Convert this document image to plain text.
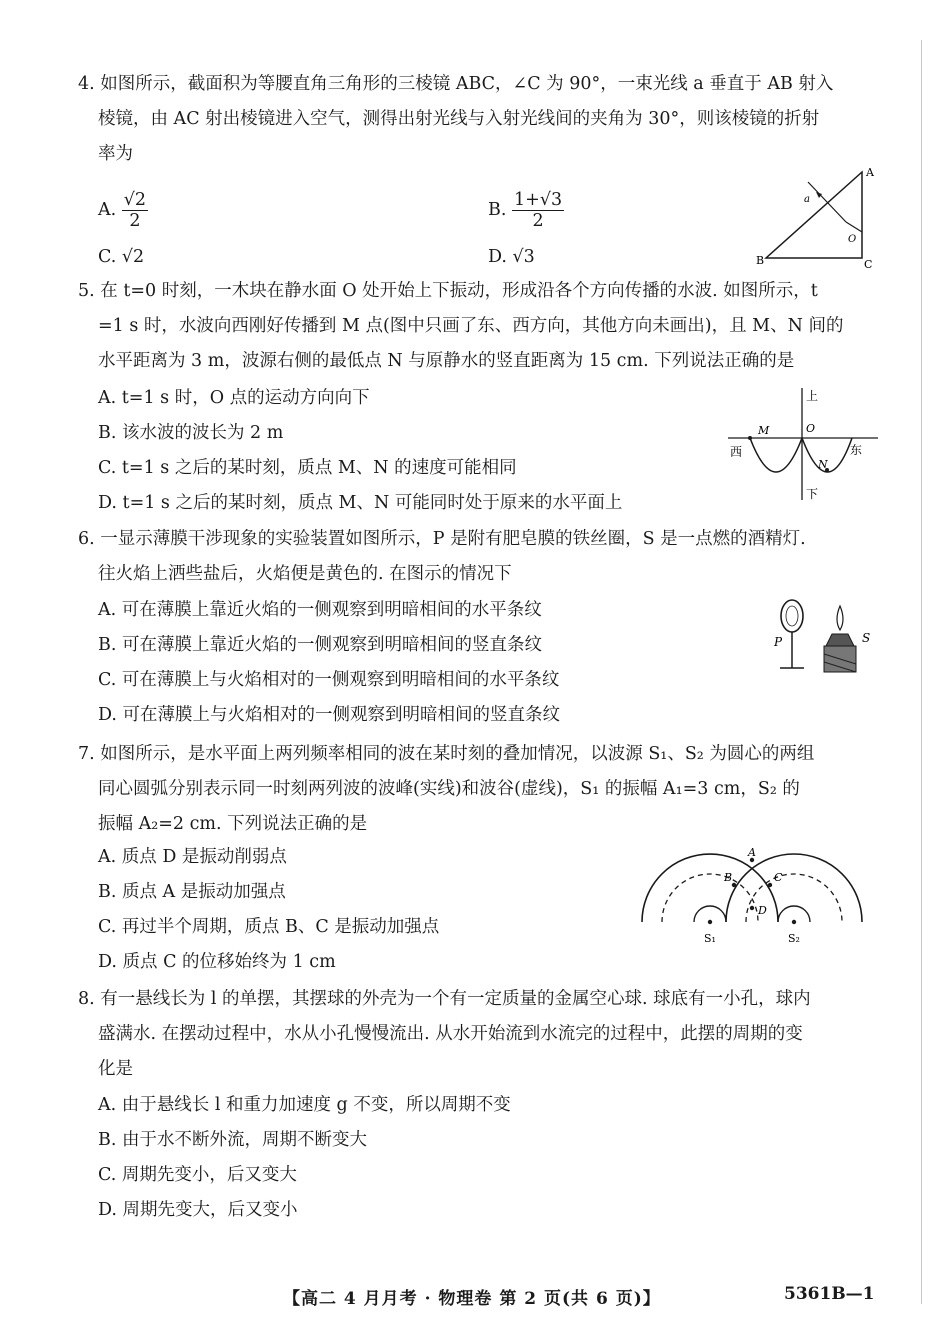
4. 如图所示，截面积为等腰直角三角形的三棱镜 ABC，∠C 为 90°，一束光线 a 垂直于 AB 射入
棱镜，由 AC 射出棱镜进入空气，测得出射光线与入射光线间的夹角为 30°，则该棱镜的折射
率为
A. $\frac{√2}{2}$	B. $\frac{1+√3}{2}$
C. √2	D. √3
A
B	C
a
O
5. 在 t=0 时刻，一木块在静水面 O 处开始上下振动，形成沿各个方向传播的水波. 如图所示，t
=1 s 时，水波向西刚好传播到 M 点(图中只画了东、西方向，其他方向未画出)，且 M、N 间的
水平距离为 3 m，波源右侧的最低点 N 与原静水的竖直距离为 15 cm. 下列说法正确的是
A. t=1 s 时，O 点的运动方向向下
B. 该水波的波长为 2 m
C. t=1 s 之后的某时刻，质点 M、N 的速度可能相同
D. t=1 s 之后的某时刻，质点 M、N 可能同时处于原来的水平面上
上
下
西	东
M	O
N
6. 一显示薄膜干涉现象的实验装置如图所示，P 是附有肥皂膜的铁丝圈，S 是一点燃的酒精灯.
往火焰上洒些盐后，火焰便是黄色的. 在图示的情况下
A. 可在薄膜上靠近火焰的一侧观察到明暗相间的水平条纹
B. 可在薄膜上靠近火焰的一侧观察到明暗相间的竖直条纹
C. 可在薄膜上与火焰相对的一侧观察到明暗相间的水平条纹
D. 可在薄膜上与火焰相对的一侧观察到明暗相间的竖直条纹
P	S
7. 如图所示，是水平面上两列频率相同的波在某时刻的叠加情况，以波源 S₁、S₂ 为圆心的两组
同心圆弧分别表示同一时刻两列波的波峰(实线)和波谷(虚线)，S₁ 的振幅 A₁=3 cm，S₂ 的
振幅 A₂=2 cm. 下列说法正确的是
A. 质点 D 是振动削弱点
B. 质点 A 是振动加强点
C. 再过半个周期，质点 B、C 是振动加强点
D. 质点 C 的位移始终为 1 cm
A
B	C
D
S₁	S₂
8. 有一悬线长为 l 的单摆，其摆球的外壳为一个有一定质量的金属空心球. 球底有一小孔，球内
盛满水. 在摆动过程中，水从小孔慢慢流出. 从水开始流到水流完的过程中，此摆的周期的变
化是
A. 由于悬线长 l 和重力加速度 g 不变，所以周期不变
B. 由于水不断外流，周期不断变大
C. 周期先变小，后又变大
D. 周期先变大，后又变小
【高二 4 月月考 · 物理卷 第 2 页(共 6 页)】	5361B—1
